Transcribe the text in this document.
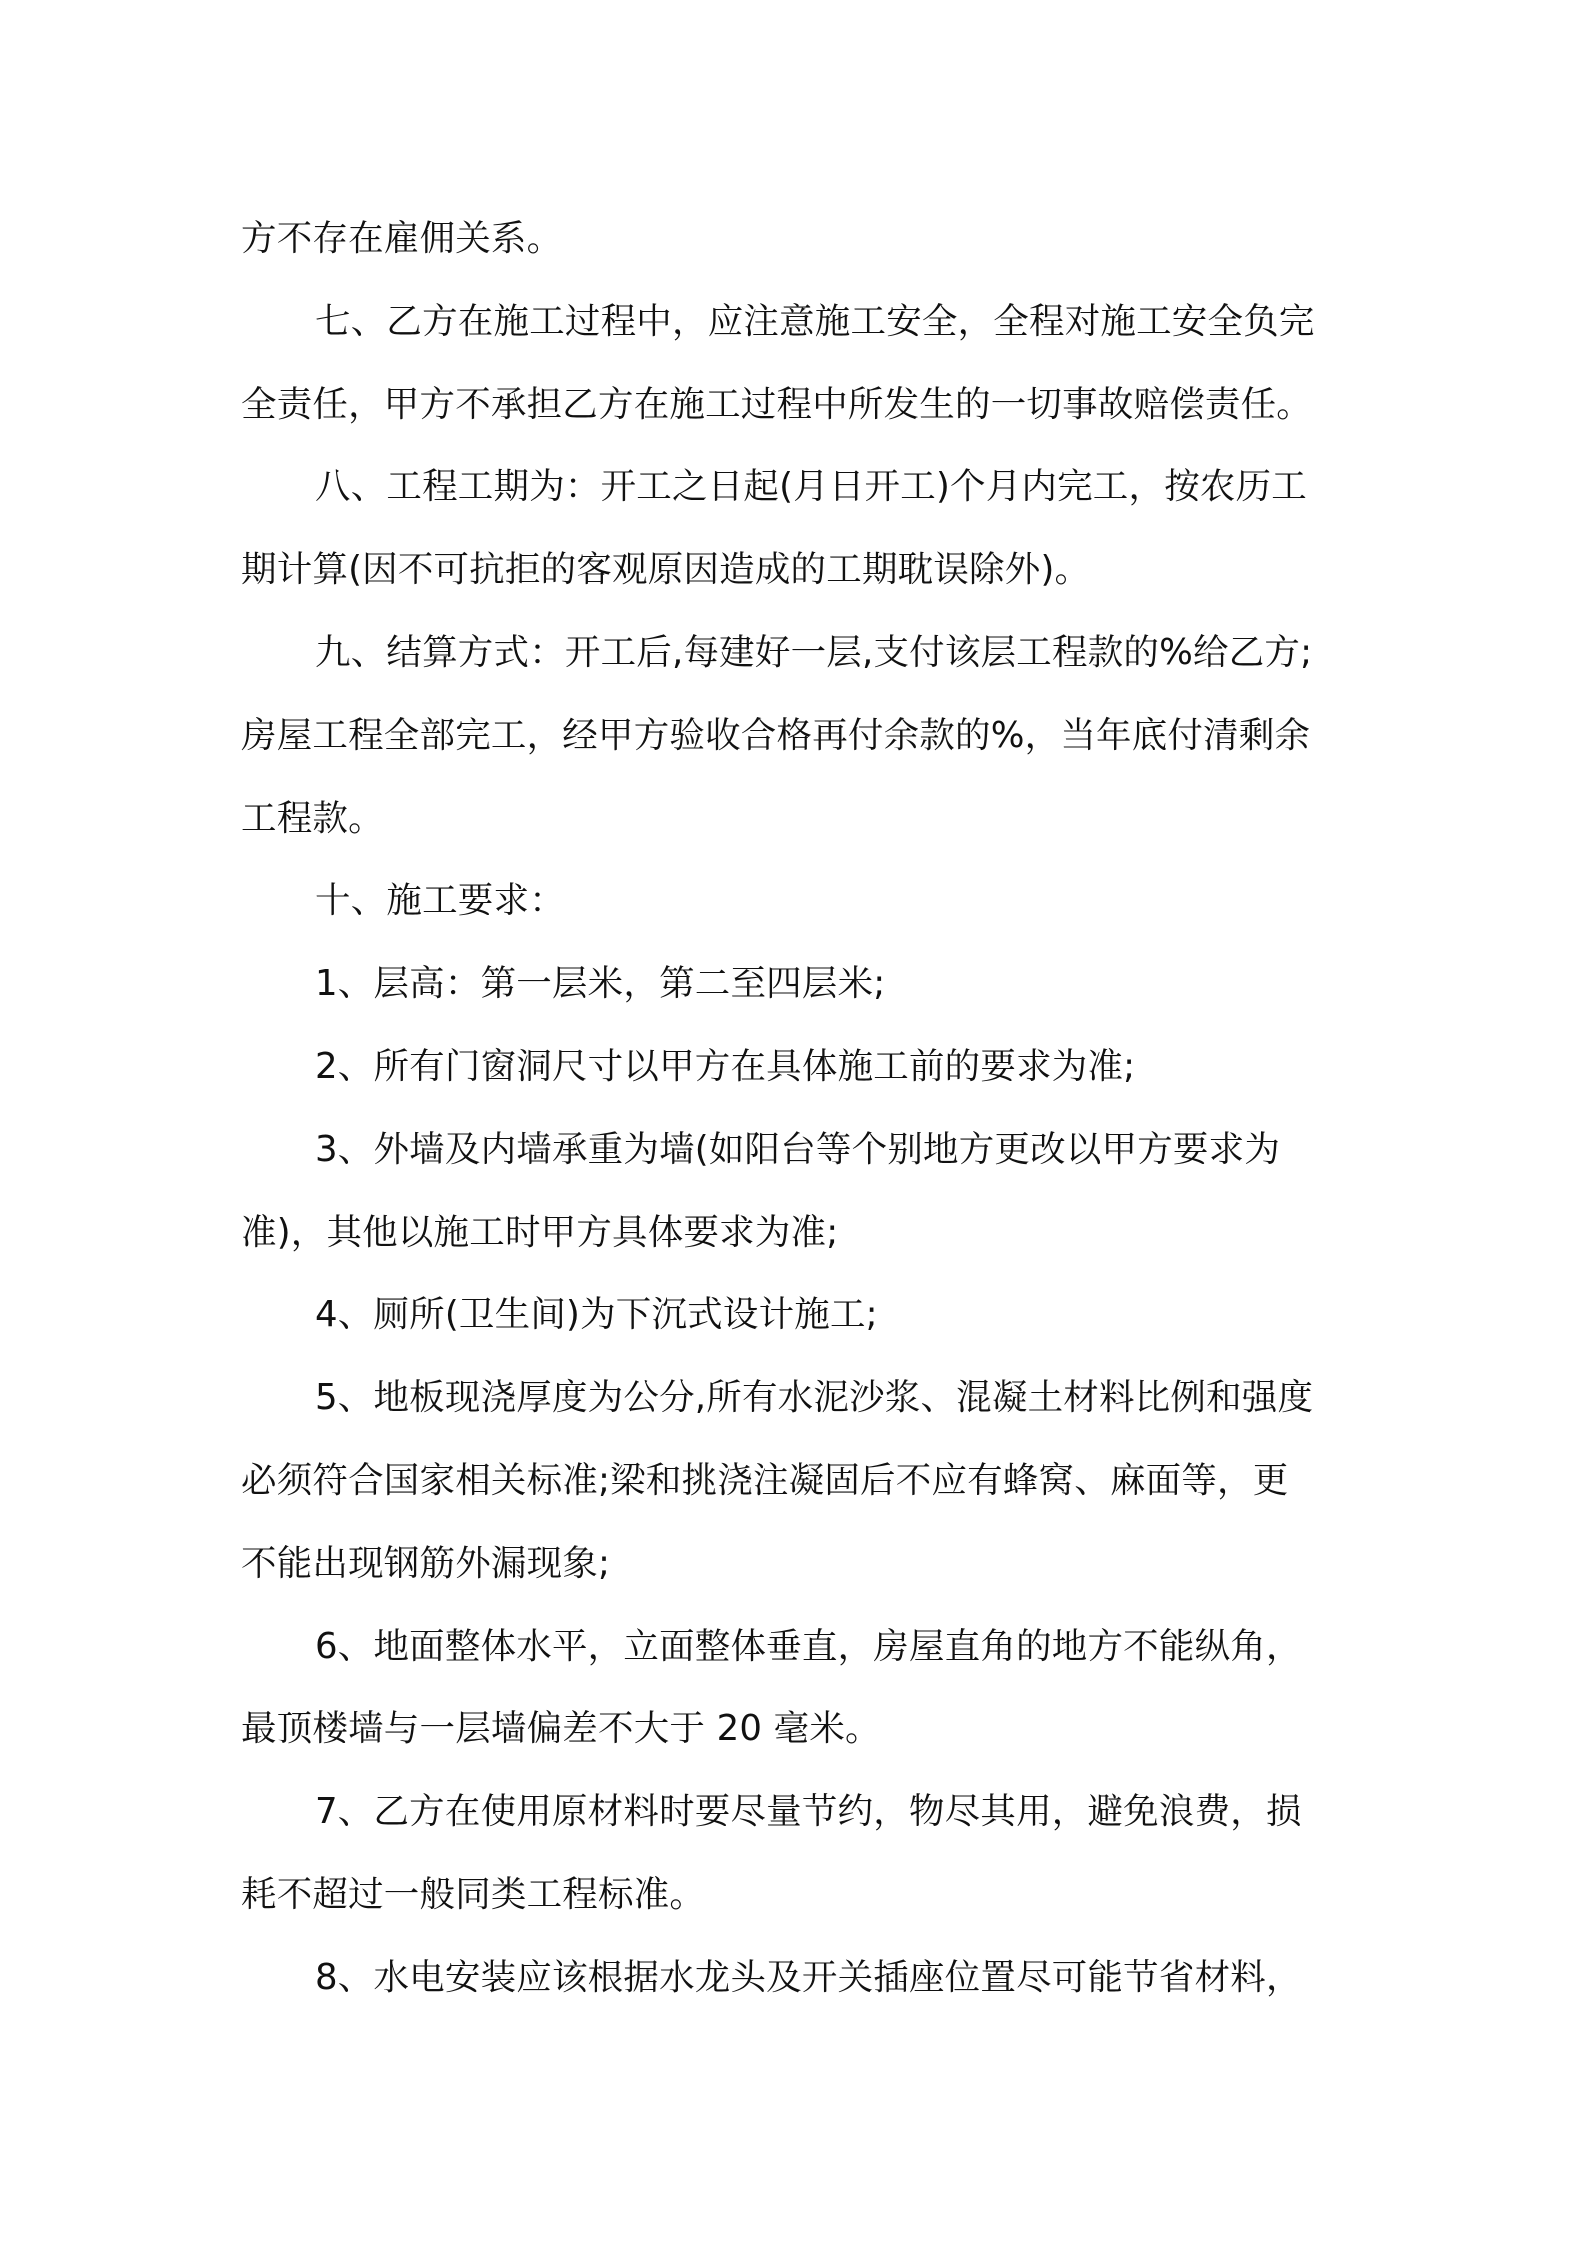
方不存在雇佣关系。
七、乙方在施工过程中，应注意施工安全，全程对施工安全负完
全责任，甲方不承担乙方在施工过程中所发生的一切事故赔偿责任。
八、工程工期为：开工之日起(月日开工)个月内完工，按农历工
期计算(因不可抗拒的客观原因造成的工期耽误除外)。
九、结算方式：开工后,每建好一层,支付该层工程款的%给乙方;
房屋工程全部完工，经甲方验收合格再付余款的%，当年底付清剩余
工程款。
十、施工要求：
1、层高：第一层米，第二至四层米;
2、所有门窗洞尺寸以甲方在具体施工前的要求为准;
3、外墙及内墙承重为墙(如阳台等个别地方更改以甲方要求为
准)，其他以施工时甲方具体要求为准;
4、厕所(卫生间)为下沉式设计施工;
5、地板现浇厚度为公分,所有水泥沙浆、混凝土材料比例和强度
必须符合国家相关标准;梁和挑浇注凝固后不应有蜂窝、麻面等，更
不能出现钢筋外漏现象;
6、地面整体水平，立面整体垂直，房屋直角的地方不能纵角，
最顶楼墙与一层墙偏差不大于 20 毫米。
7、乙方在使用原材料时要尽量节约，物尽其用，避免浪费，损
耗不超过一般同类工程标准。
8、水电安装应该根据水龙头及开关插座位置尽可能节省材料，
